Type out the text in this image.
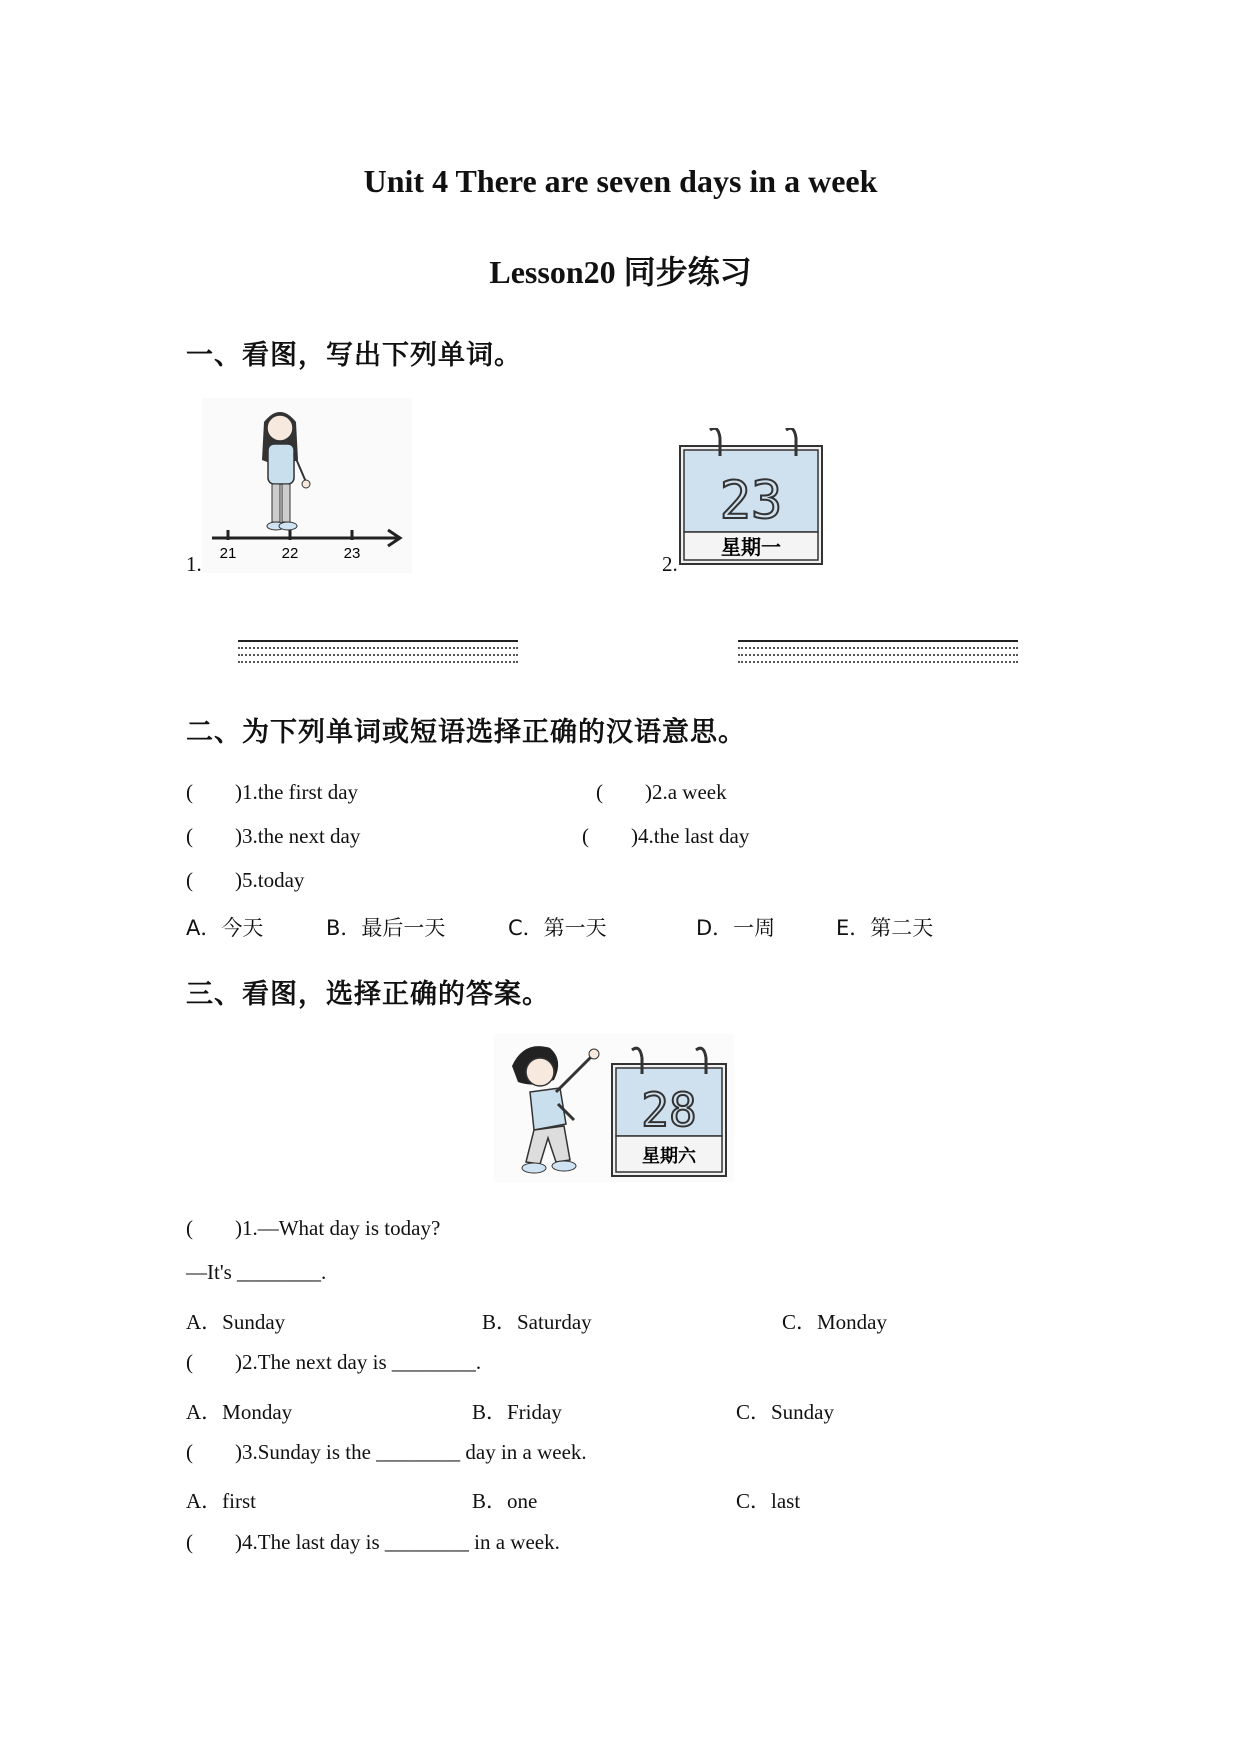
Unit 4 There are seven days in a week
Lesson20 同步练习
一、看图，写出下列单词。
1. 21	22	23	2.
23
星期一
二、为下列单词或短语选择正确的汉语意思。
(        )1.the first day	(        )2.a week
(        )3.the next day	(        )4.the last day
(        )5.today
A．今天	B．最后一天	C．第一天	D．一周	E．第二天
三、看图，选择正确的答案。
28
星期六
(        )1.—What day is today?
—It's ________.
A．Sunday	B．Saturday	C．Monday
(        )2.The next day is ________.
A．Monday	B．Friday	C．Sunday
(        )3.Sunday is the ________ day in a week.
A．first	B．one	C．last
(        )4.The last day is ________ in a week.
